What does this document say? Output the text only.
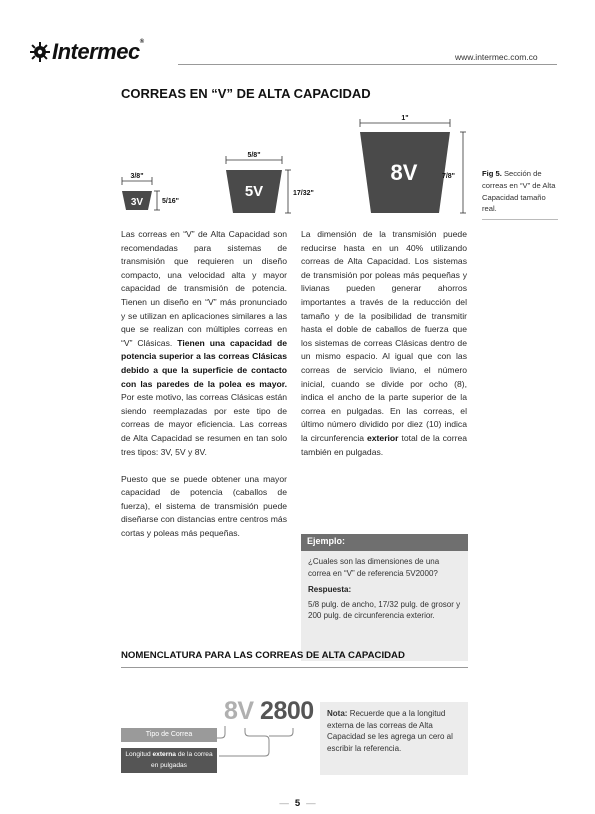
Intermec®
www.intermec.com.co
CORREAS EN “V” DE ALTA CAPACIDAD
3/8"
3V	5/16"
5/8"
5V	17/32"
1"
8V	7/8"	Fig 5. Sección de correas en “V” de Alta Capacidad tamaño real.

Las correas en “V” de Alta Capacidad son recomendadas para sistemas de transmisión que requieren un diseño compacto, una velocidad alta y mayor capacidad de transmisión de potencia. Tienen un diseño en “V” más pronunciado y se utilizan en aplicaciones similares a las que se realizan con múltiples correas en “V” Clásicas. Tienen una capacidad de potencia superior a las correas Clásicas debido a que la superficie de contacto con las paredes de la polea es mayor. Por este motivo, las correas Clásicas están siendo reemplazadas por este tipo de correas de mayor eficiencia. Las correas de Alta Capacidad se resumen en tan solo tres tipos: 3V, 5V y 8V.

Puesto que se puede obtener una mayor capacidad de potencia (caballos de fuerza), el sistema de transmisión puede diseñarse con distancias entre centros más cortas y poleas más pequeñas.

La dimensión de la transmisión puede reducirse hasta en un 40% utilizando correas de Alta Capacidad. Los sistemas de transmisión por poleas más pequeñas y livianas pueden generar ahorros importantes a través de la reducción del tamaño y de la posibilidad de transmitir hasta el doble de caballos de fuerza que los sistemas de correas Clásicas dentro de un mismo espacio. Al igual que con las correas de servicio liviano, el número inicial, cuando se divide por ocho (8), indica el ancho de la parte superior de la correa en pulgadas. En las correas, el último número dividido por diez (10) indica la circunferencia exterior total de la correa también en pulgadas.

Ejemplo:
¿Cuales son las dimensiones de una correa en “V” de referencia 5V2000?
Respuesta:
5/8 pulg. de ancho, 17/32 pulg. de grosor y 200 pulg. de circunferencia exterior.
NOMENCLATURA PARA LAS CORREAS DE ALTA CAPACIDAD
8V 2800
Tipo de Correa
Longitud externa de la correa en pulgadas
Nota: Recuerde que a la longitud externa de las correas de Alta Capacidad se les agrega un cero al escribir la referencia.
— 5 —
